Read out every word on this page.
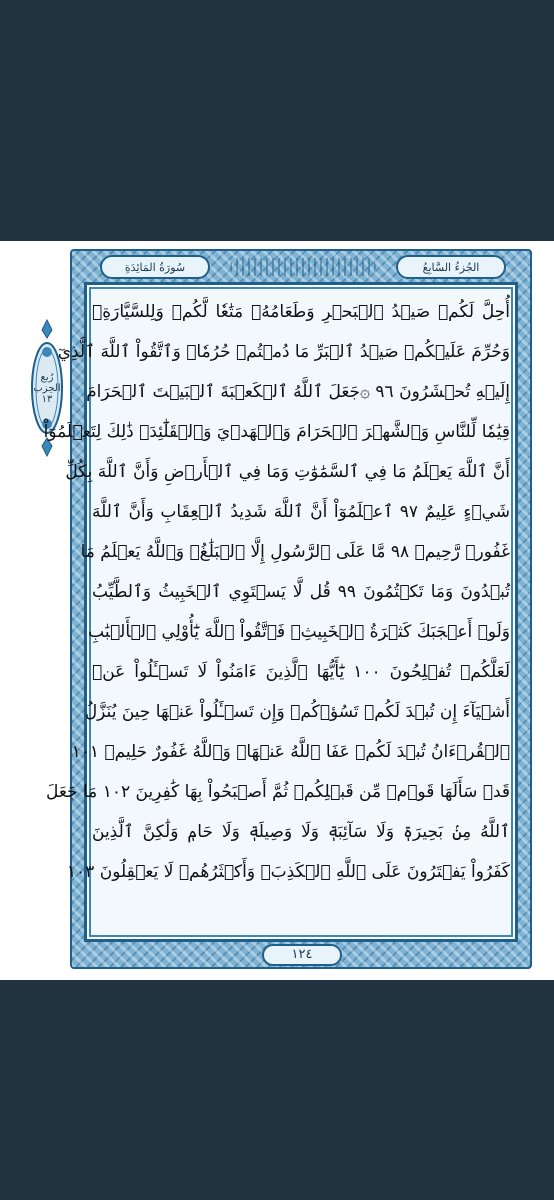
الجُزءُ السَّابِعُ
سُورَةُ المَائِدَةِ
رُبع الحِزب
١٣
أُحِلَّ لَكُمۡ صَيۡدُ ٱلۡبَحۡرِ وَطَعَامُهُۥ مَتَٰعٗا لَّكُمۡ وَلِلسَّيَّارَةِۖ
وَحُرِّمَ عَلَيۡكُمۡ صَيۡدُ ٱلۡبَرِّ مَا دُمۡتُمۡ حُرُمٗاۗ وَٱتَّقُواْ ٱللَّهَ ٱلَّذِيٓ
إِلَيۡهِ تُحۡشَرُونَ ٩٦ ۞جَعَلَ ٱللَّهُ ٱلۡكَعۡبَةَ ٱلۡبَيۡتَ ٱلۡحَرَامَ
قِيَٰمٗا لِّلنَّاسِ وَٱلشَّهۡرَ ٱلۡحَرَامَ وَٱلۡهَدۡيَ وَٱلۡقَلَٰٓئِدَۚ ذَٰلِكَ لِتَعۡلَمُوٓاْ
أَنَّ ٱللَّهَ يَعۡلَمُ مَا فِي ٱلسَّمَٰوَٰتِ وَمَا فِي ٱلۡأَرۡضِ وَأَنَّ ٱللَّهَ بِكُلِّ
شَيۡءٍ عَلِيمٌ ٩٧ ٱعۡلَمُوٓاْ أَنَّ ٱللَّهَ شَدِيدُ ٱلۡعِقَابِ وَأَنَّ ٱللَّهَ
غَفُورٞ رَّحِيمٞ ٩٨ مَّا عَلَى ٱلرَّسُولِ إِلَّا ٱلۡبَلَٰغُۗ وَٱللَّهُ يَعۡلَمُ مَا
تُبۡدُونَ وَمَا تَكۡتُمُونَ ٩٩ قُل لَّا يَسۡتَوِي ٱلۡخَبِيثُ وَٱلطَّيِّبُ
وَلَوۡ أَعۡجَبَكَ كَثۡرَةُ ٱلۡخَبِيثِۚ فَٱتَّقُواْ ٱللَّهَ يَٰٓأُوْلِي ٱلۡأَلۡبَٰبِ
لَعَلَّكُمۡ تُفۡلِحُونَ ١٠٠ يَٰٓأَيُّهَا ٱلَّذِينَ ءَامَنُواْ لَا تَسۡـَٔلُواْ عَنۡ
أَشۡيَآءَ إِن تُبۡدَ لَكُمۡ تَسُؤۡكُمۡ وَإِن تَسۡـَٔلُواْ عَنۡهَا حِينَ يُنَزَّلُ
ٱلۡقُرۡءَانُ تُبۡدَ لَكُمۡ عَفَا ٱللَّهُ عَنۡهَاۗ وَٱللَّهُ غَفُورٌ حَلِيمٞ ١٠١
قَدۡ سَأَلَهَا قَوۡمٞ مِّن قَبۡلِكُمۡ ثُمَّ أَصۡبَحُواْ بِهَا كَٰفِرِينَ ١٠٢ مَا جَعَلَ
ٱللَّهُ مِنۢ بَحِيرَةٖ وَلَا سَآئِبَةٖ وَلَا وَصِيلَةٖ وَلَا حَامٖ وَلَٰكِنَّ ٱلَّذِينَ
كَفَرُواْ يَفۡتَرُونَ عَلَى ٱللَّهِ ٱلۡكَذِبَۖ وَأَكۡثَرُهُمۡ لَا يَعۡقِلُونَ ١٠٣
١٢٤
